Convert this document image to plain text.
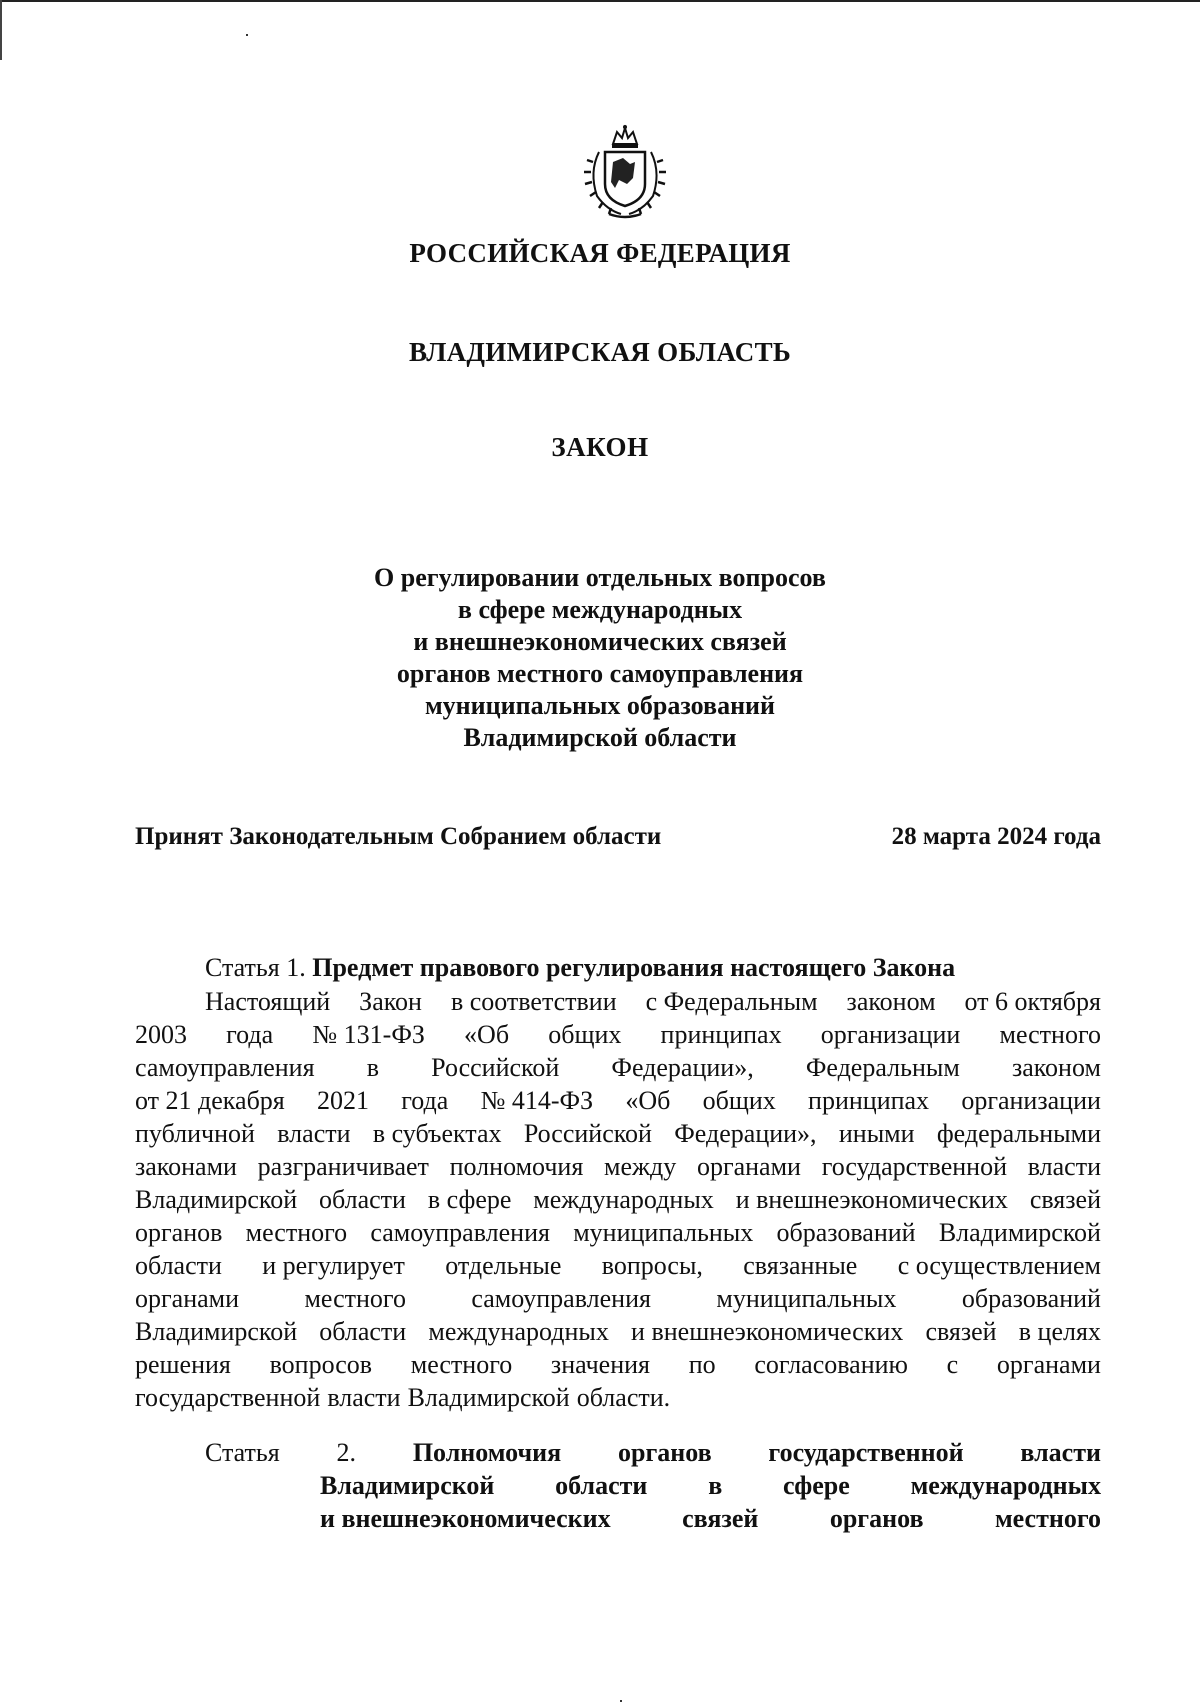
РОССИЙСКАЯ ФЕДЕРАЦИЯ
ВЛАДИМИРСКАЯ ОБЛАСТЬ
ЗАКОН
О регулировании отдельных вопросов
в сфере международных
и внешнеэкономических связей
органов местного самоуправления
муниципальных образований
Владимирской области
Принят Законодательным Собранием области	28 марта 2024 года
Статья 1. Предмет правового регулирования настоящего Закона
Настоящий Закон в соответствии с Федеральным законом от 6 октября
2003 года № 131-ФЗ «Об общих принципах организации местного
самоуправления в Российской Федерации», Федеральным законом
от 21 декабря 2021 года № 414-ФЗ «Об общих принципах организации
публичной власти в субъектах Российской Федерации», иными федеральными
законами разграничивает полномочия между органами государственной власти
Владимирской области в сфере международных и внешнеэкономических связей
органов местного самоуправления муниципальных образований Владимирской
области и регулирует отдельные вопросы, связанные с осуществлением
органами	местного	самоуправления	муниципальных	образований
Владимирской области международных и внешнеэкономических связей в целях
решения вопросов местного значения по согласованию с органами
государственной власти Владимирской области.
Статья 2. Полномочия органов государственной власти
Владимирской области в сфере международных
и внешнеэкономических	связей	органов	местного
